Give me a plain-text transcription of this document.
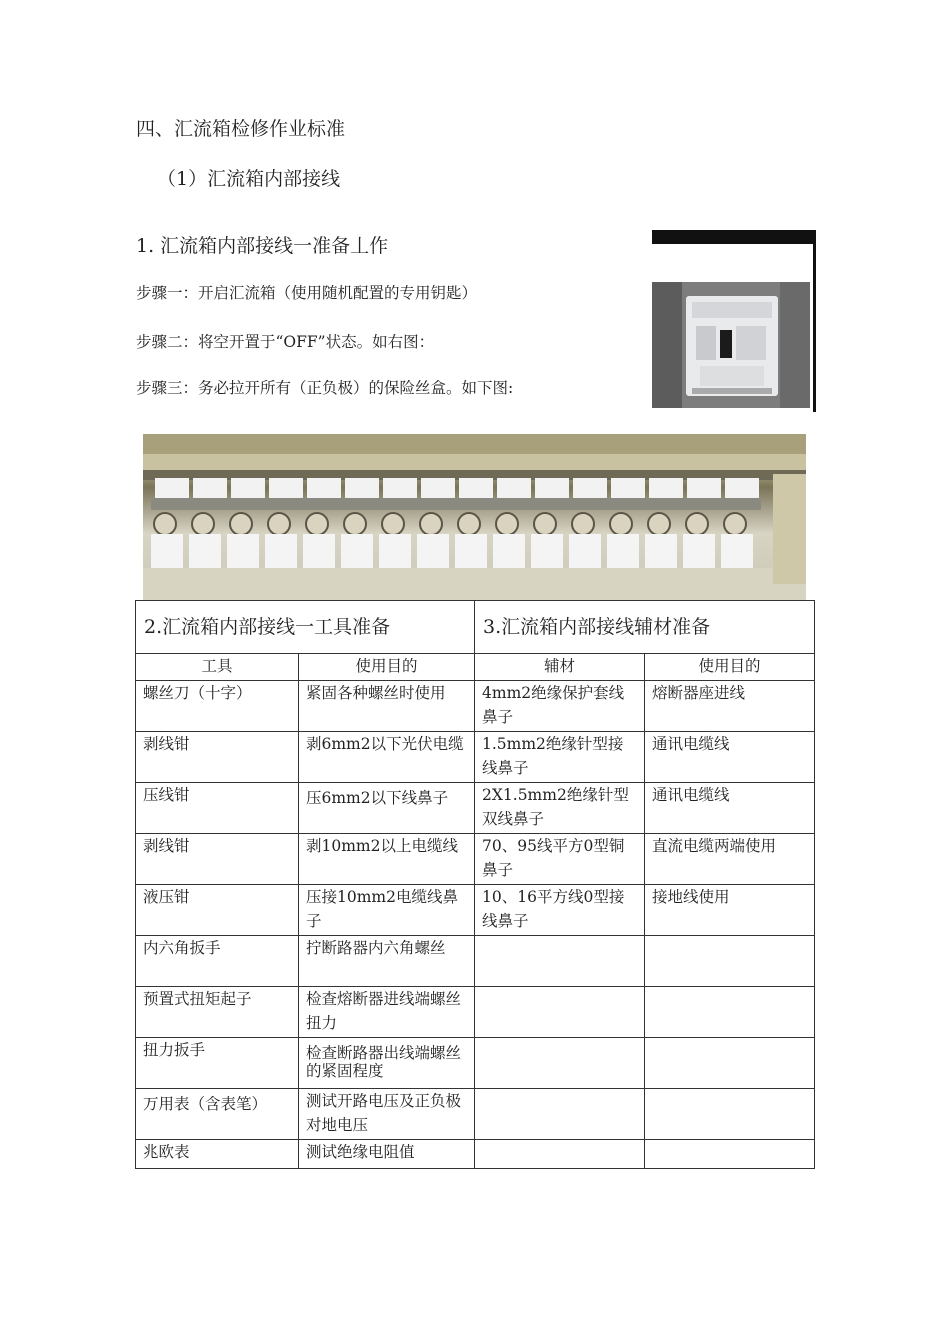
四、汇流箱检修作业标准
（1）汇流箱内部接线
1. 汇流箱内部接线一准备丄作
步骤一：开启汇流箱（使用随机配置的专用钥匙）
步骤二：将空开置于“OFF”状态。如右图：
步骤三：务必拉开所有（正负极）的保险丝盒。如下图:
2.汇流箱内部接线一工具准备		3.汇流箱内部接线辅材准备	
工具	使用目的	辅材	使用目的
螺丝刀（十字）	紧固各种螺丝时使用	4mm2绝缘保护套线鼻子	熔断器座进线
剥线钳	剥6mm2以下光伏电缆	1.5mm2绝缘针型接线鼻子	通讯电缆线
压线钳	压6mm2以下线鼻子	2X1.5mm2绝缘针型双线鼻子	通讯电缆线
剥线钳	剥10mm2以上电缆线	70、95线平方0型铜鼻子	直流电缆两端使用
液压钳	压接10mm2电缆线鼻子	10、16平方线0型接线鼻子	接地线使用
内六角扳手	拧断路器内六角螺丝		
预置式扭矩起子	检查熔断器进线端螺丝扭力		
扭力扳手	检查断路器出线端螺丝的紧固程度		

万用表（含表笔）	测试开路电压及正负极对地电压		
兆欧表	测试绝缘电阻值		
